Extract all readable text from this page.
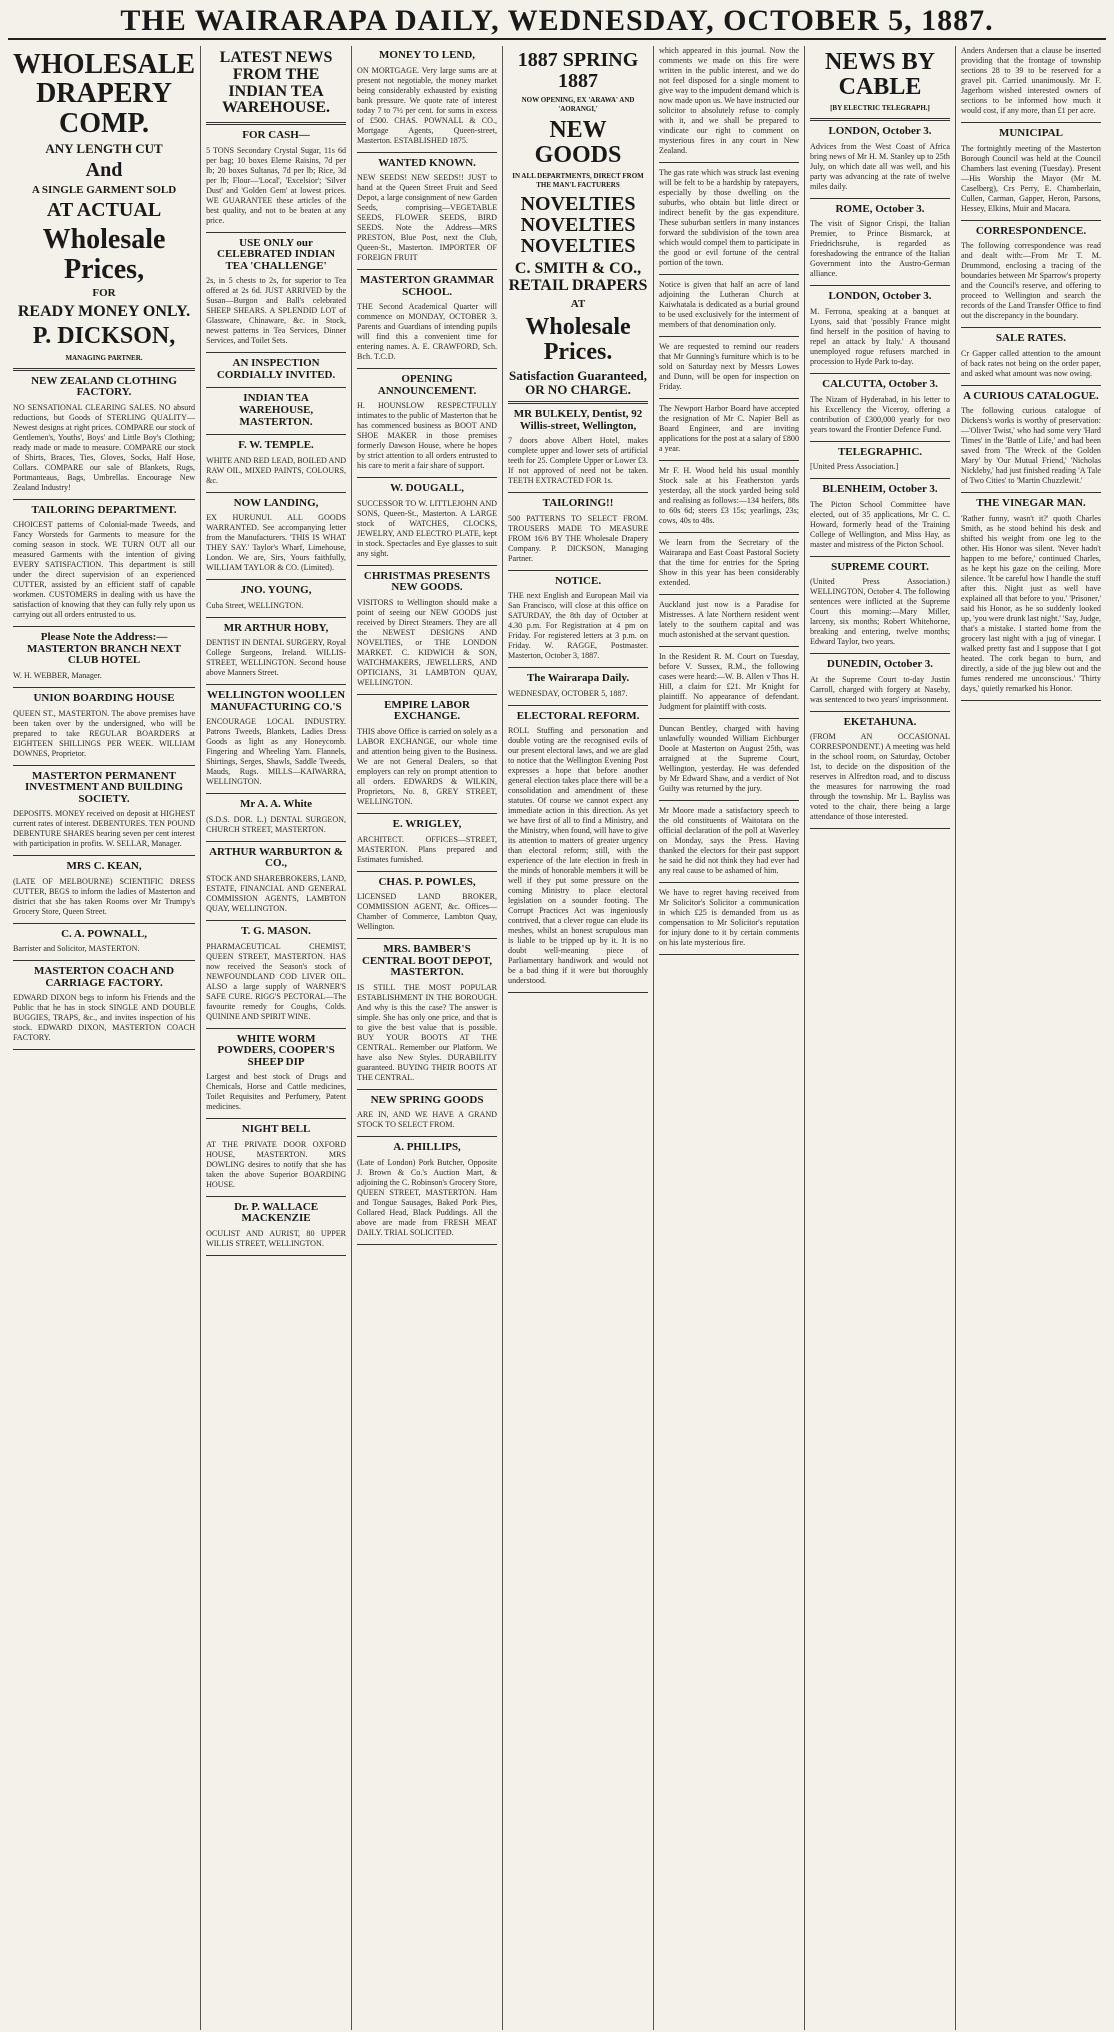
THE WAIRARAPA DAILY, WEDNESDAY, OCTOBER 5, 1887.
WHOLESALE DRAPERY COMP.
ANY LENGTH CUT
And
A SINGLE GARMENT SOLD
AT ACTUAL
Wholesale Prices,
FOR
READY MONEY ONLY.
P. DICKSON,
MANAGING PARTNER.
NEW ZEALAND CLOTHING FACTORY.
NO SENSATIONAL CLEARING SALES. NO absurd reductions, but Goods of STERLING QUALITY—Newest designs at right prices. COMPARE our stock of Gentlemen's, Youths', Boys' and Little Boy's Clothing; ready made or made to measure. COMPARE our stock of Shirts, Braces, Ties, Gloves, Socks, Half Hose, Collars. COMPARE our sale of Blankets, Rugs, Portmanteaus, Bags, Umbrellas. Encourage New Zealand Industry!
TAILORING DEPARTMENT.
CHOICEST patterns of Colonial-made Tweeds, and Fancy Worsteds for Garments to measure for the coming season in stock. WE TURN OUT all our measured Garments with the intention of giving EVERY SATISFACTION. This department is still under the direct supervision of an experienced CUTTER, assisted by an efficient staff of capable workmen. CUSTOMERS in dealing with us have the satisfaction of knowing that they can fully rely upon us carrying out all orders entrusted to us.
Please Note the Address:— MASTERTON BRANCH NEXT CLUB HOTEL
W. H. WEBBER, Manager.
UNION BOARDING HOUSE
QUEEN ST., MASTERTON. The above premises have been taken over by the undersigned, who will be prepared to take REGULAR BOARDERS at EIGHTEEN SHILLINGS PER WEEK. WILLIAM DOWNES, Proprietor.
MASTERTON PERMANENT INVESTMENT AND BUILDING SOCIETY.
DEPOSITS. MONEY received on deposit at HIGHEST current rates of interest. DEBENTURES. TEN POUND DEBENTURE SHARES bearing seven per cent interest with participation in profits. W. SELLAR, Manager.
MRS C. KEAN,
(LATE OF MELBOURNE) SCIENTIFIC DRESS CUTTER, BEGS to inform the ladies of Masterton and district that she has taken Rooms over Mr Trumpy's Grocery Store, Queen Street.
C. A. POWNALL,
Barrister and Solicitor, MASTERTON.
MASTERTON COACH AND CARRIAGE FACTORY.
EDWARD DIXON begs to inform his Friends and the Public that he has in stock SINGLE AND DOUBLE BUGGIES, TRAPS, &c., and invites inspection of his stock. EDWARD DIXON, MASTERTON COACH FACTORY.
LATEST NEWS FROM THE INDIAN TEA WAREHOUSE.
FOR CASH—
5 TONS Secondary Crystal Sugar, 11s 6d per bag; 10 boxes Eleme Raisins, 7d per lb; 20 boxes Sultanas, 7d per lb; Rice, 3d per lb; Flour—'Local', 'Excelsior'; 'Silver Dust' and 'Golden Gem' at lowest prices. WE GUARANTEE these articles of the best quality, and not to be beaten at any price.
USE ONLY our CELEBRATED INDIAN TEA 'CHALLENGE'
2s, in 5 chests to 2s, for superior to Tea offered at 2s 6d. JUST ARRIVED by the Susan—Burgon and Ball's celebrated SHEEP SHEARS. A SPLENDID LOT of Glassware, Chinaware, &c. in Stock, newest patterns in Tea Services, Dinner Services, and Toilet Sets.
AN INSPECTION CORDIALLY INVITED.
INDIAN TEA WAREHOUSE, MASTERTON.
F. W. TEMPLE.
WHITE AND RED LEAD, BOILED AND RAW OIL, MIXED PAINTS, COLOURS, &c.
NOW LANDING,
EX HURUNUI. ALL GOODS WARRANTED. See accompanying letter from the Manufacturers. 'THIS IS WHAT THEY SAY.' Taylor's Wharf, Limehouse, London. We are, Sirs, Yours faithfully, WILLIAM TAYLOR & CO. (Limited).
JNO. YOUNG,
Cuba Street, WELLINGTON.
MR ARTHUR HOBY,
DENTIST IN DENTAL SURGERY, Royal College Surgeons, Ireland. WILLIS-STREET, WELLINGTON. Second house above Manners Street.
WELLINGTON WOOLLEN MANUFACTURING CO.'S
ENCOURAGE LOCAL INDUSTRY. Patrons Tweeds, Blankets, Ladies Dress Goods as light as any Honeycomb. Fingering and Wheeling Yarn. Flannels, Shirtings, Serges, Shawls, Saddle Tweeds, Mauds, Rugs. MILLS—KAIWARRA, WELLINGTON.
Mr A. A. White
(S.D.S. DOR. L.) DENTAL SURGEON, CHURCH STREET, MASTERTON.
ARTHUR WARBURTON & CO.,
STOCK AND SHAREBROKERS, LAND, ESTATE, FINANCIAL AND GENERAL COMMISSION AGENTS, LAMBTON QUAY, WELLINGTON.
T. G. MASON.
PHARMACEUTICAL CHEMIST, QUEEN STREET, MASTERTON. HAS now received the Season's stock of NEWFOUNDLAND COD LIVER OIL. ALSO a large supply of WARNER'S SAFE CURE. RIGG'S PECTORAL—The favourite remedy for Coughs, Colds. QUININE AND SPIRIT WINE.
WHITE WORM POWDERS, COOPER'S SHEEP DIP
Largest and best stock of Drugs and Chemicals, Horse and Cattle medicines, Toilet Requisites and Perfumery, Patent medicines.
NIGHT BELL
AT THE PRIVATE DOOR OXFORD HOUSE, MASTERTON. MRS DOWLING desires to notify that she has taken the above Superior BOARDING HOUSE.
Dr. P. WALLACE MACKENZIE
OCULIST AND AURIST, 80 UPPER WILLIS STREET, WELLINGTON.
MONEY TO LEND,
ON MORTGAGE. Very large sums are at present not negotiable, the money market being considerably exhausted by existing bank pressure. We quote rate of interest today 7 to 7½ per cent. for sums in excess of £500. CHAS. POWNALL & CO., Mortgage Agents, Queen-street, Masterton. ESTABLISHED 1875.
WANTED KNOWN.
NEW SEEDS! NEW SEEDS!! JUST to hand at the Queen Street Fruit and Seed Depot, a large consignment of new Garden Seeds, comprising—VEGETABLE SEEDS, FLOWER SEEDS, BIRD SEEDS. Note the Address—MRS PRESTON, Blue Post, next the Club, Queen-St., Masterton. IMPORTER OF FOREIGN FRUIT
MASTERTON GRAMMAR SCHOOL.
THE Second Academical Quarter will commence on MONDAY, OCTOBER 3. Parents and Guardians of intending pupils will find this a convenient time for entering names. A. E. CRAWFORD, Sch. Bch. T.C.D.
OPENING ANNOUNCEMENT.
H. HOUNSLOW RESPECTFULLY intimates to the public of Masterton that he has commenced business as BOOT AND SHOE MAKER in those premises formerly Dawson House, where he hopes by strict attention to all orders entrusted to his care to merit a fair share of support.
W. DOUGALL,
SUCCESSOR TO W. LITTLEJOHN AND SONS, Queen-St., Masterton. A LARGE stock of WATCHES, CLOCKS, JEWELRY, AND ELECTRO PLATE, kept in stock. Spectacles and Eye glasses to suit any sight.
CHRISTMAS PRESENTS NEW GOODS.
VISITORS to Wellington should make a point of seeing our NEW GOODS just received by Direct Steamers. They are all the NEWEST DESIGNS AND NOVELTIES, or THE LONDON MARKET. C. KIDWICH & SON, WATCHMAKERS, JEWELLERS, AND OPTICIANS, 31 LAMBTON QUAY, WELLINGTON.
EMPIRE LABOR EXCHANGE.
THIS above Office is carried on solely as a LABOR EXCHANGE, our whole time and attention being given to the Business. We are not General Dealers, so that employers can rely on prompt attention to all orders. EDWARDS & WILKIN, Proprietors, No. 8, GREY STREET, WELLINGTON.
E. WRIGLEY,
ARCHITECT. OFFICES—STREET, MASTERTON. Plans prepared and Estimates furnished.
CHAS. P. POWLES,
LICENSED LAND BROKER, COMMISSION AGENT, &c. Offices—Chamber of Commerce, Lambton Quay, Wellington.
MRS. BAMBER'S CENTRAL BOOT DEPOT, MASTERTON.
IS STILL THE MOST POPULAR ESTABLISHMENT IN THE BOROUGH. And why is this the case? The answer is simple. She has only one price, and that is to give the best value that is possible. BUY YOUR BOOTS AT THE CENTRAL. Remember our Platform. We have also New Styles. DURABILITY guaranteed. BUYING THEIR BOOTS AT THE CENTRAL.
NEW SPRING GOODS
ARE IN, AND WE HAVE A GRAND STOCK TO SELECT FROM.
A. PHILLIPS,
(Late of London) Pork Butcher, Opposite J. Brown & Co.'s Auction Mart, & adjoining the C. Robinson's Grocery Store, QUEEN STREET, MASTERTON. Ham and Tongue Sausages, Baked Pork Pies, Collared Head, Black Puddings. All the above are made from FRESH MEAT DAILY. TRIAL SOLICITED.
1887 SPRING 1887
NOW OPENING, EX 'ARAWA' AND 'AORANGI,'
NEW GOODS
IN ALL DEPARTMENTS, DIRECT FROM THE MAN'L FACTURERS
NOVELTIES NOVELTIES NOVELTIES
C. SMITH & CO., RETAIL DRAPERS
AT
Wholesale Prices.
Satisfaction Guaranteed, OR NO CHARGE.
MR BULKELY, Dentist, 92 Willis-street, Wellington,
7 doors above Albert Hotel, makes complete upper and lower sets of artificial teeth for 25. Complete Upper or Lower £3. If not approved of need not be taken. TEETH EXTRACTED FOR 1s.
TAILORING!!
500 PATTERNS TO SELECT FROM. TROUSERS MADE TO MEASURE FROM 16/6 BY THE Wholesale Drapery Company. P. DICKSON, Managing Partner.
NOTICE.
THE next English and European Mail via San Francisco, will close at this office on SATURDAY, the 8th day of October at 4.30 p.m. For Registration at 4 pm on Friday. For registered letters at 3 p.m. on Friday. W. RAGGE, Postmaster. Masterton, October 3, 1887.
The Wairarapa Daily.
WEDNESDAY, OCTOBER 5, 1887.
ELECTORAL REFORM.
ROLL Stuffing and personation and double voting are the recognised evils of our present electoral laws, and we are glad to notice that the Wellington Evening Post expresses a hope that before another general election takes place there will be a consolidation and amendment of these statutes. Of course we cannot expect any immediate action in this direction. As yet we have first of all to find a Ministry, and the Ministry, when found, will have to give its attention to matters of greater urgency than electoral reform; still, with the experience of the late election in fresh in the minds of honorable members it will be well if they put some pressure on the coming Ministry to place electoral legislation on a sounder footing. The Corrupt Practices Act was ingeniously contrived, that a clever rogue can elude its meshes, whilst an honest scrupulous man is liable to be tripped up by it. It is no doubt well-meaning piece of Parliamentary handiwork and would not be a bad thing if it were but thoroughly understood.
which appeared in this journal. Now the comments we made on this fire were written in the public interest, and we do not feel disposed for a single moment to give way to the impudent demand which is now made upon us. We have instructed our solicitor to absolutely refuse to comply with it, and we shall be prepared to vindicate our right to comment on mysterious fires in any court in New Zealand.
The gas rate which was struck last evening will be felt to be a hardship by ratepayers, especially by those dwelling on the suburbs, who obtain but little direct or indirect benefit by the gas expenditure. These suburban settlers in many instances forward the subdivision of the town area which would compel them to participate in the good or evil fortune of the central portion of the town.
Notice is given that half an acre of land adjoining the Lutheran Church at Kaiwhatala is dedicated as a burial ground to be used exclusively for the interment of members of that denomination only.
We are requested to remind our readers that Mr Gunning's furniture which is to be sold on Saturday next by Messrs Lowes and Dunn, will be open for inspection on Friday.
The Newport Harbor Board have accepted the resignation of Mr C. Napier Bell as Board Engineer, and are inviting applications for the post at a salary of £800 a year.
Mr F. H. Wood held his usual monthly Stock sale at his Featherston yards yesterday, all the stock yarded being sold and realising as follows:—134 heifers, 88s to 60s 6d; steers £3 15s; yearlings, 23s; cows, 40s to 48s.
We learn from the Secretary of the Wairarapa and East Coast Pastoral Society that the time for entries for the Spring Show in this year has been considerably extended.
Auckland just now is a Paradise for Mistresses. A late Northern resident went lately to the southern capital and was much astonished at the servant question.
In the Resident R. M. Court on Tuesday, before V. Sussex, R.M., the following cases were heard:—W. B. Allen v Thos H. Hill, a claim for £21. Mr Knight for plaintiff. No appearance of defendant. Judgment for plaintiff with costs.
Duncan Bentley, charged with having unlawfully wounded William Eichburger Doole at Masterton on August 25th, was arraigned at the Supreme Court, Wellington, yesterday. He was defended by Mr Edward Shaw, and a verdict of Not Guilty was returned by the jury.
Mr Moore made a satisfactory speech to the old constituents of Waitotara on the official declaration of the poll at Waverley on Monday, says the Press. Having thanked the electors for their past support he said he did not think they had ever had any real cause to be ashamed of him.
We have to regret having received from Mr Solicitor's Solicitor a communication in which £25 is demanded from us as compensation to Mr Solicitor's reputation for injury done to it by certain comments on his late mysterious fire.
NEWS BY CABLE
[BY ELECTRIC TELEGRAPH.]
LONDON, October 3.
Advices from the West Coast of Africa bring news of Mr H. M. Stanley up to 25th July, on which date all was well, and his party was advancing at the rate of twelve miles daily.
ROME, October 3.
The visit of Signor Crispi, the Italian Premier, to Prince Bismarck, at Friedrichsruhe, is regarded as foreshadowing the entrance of the Italian Government into the Austro-German alliance.
LONDON, October 3.
M. Ferrona, speaking at a banquet at Lyons, said that 'possibly France might find herself in the position of having to repel an attack by Italy.' A thousand unemployed rogue refusers marched in procession to Hyde Park to-day.
CALCUTTA, October 3.
The Nizam of Hyderabad, in his letter to his Excellency the Viceroy, offering a contribution of £300,000 yearly for two years toward the Frontier Defence Fund.
TELEGRAPHIC.
[United Press Association.]
BLENHEIM, October 3.
The Picton School Committee have elected, out of 35 applications, Mr C. C. Howard, formerly head of the Training College of Wellington, and Miss Hay, as master and mistress of the Picton School.
SUPREME COURT.
(United Press Association.) WELLINGTON, October 4. The following sentences were inflicted at the Supreme Court this morning:—Mary Miller, larceny, six months; Robert Whitehorne, breaking and entering, twelve months; Edward Taylor, two years.
DUNEDIN, October 3.
At the Supreme Court to-day Justin Carroll, charged with forgery at Naseby, was sentenced to two years' imprisonment.
EKETAHUNA.
(FROM AN OCCASIONAL CORRESPONDENT.) A meeting was held in the school room, on Saturday, October 1st, to decide on the disposition of the reserves in Alfredton road, and to discuss the measures for narrowing the road through the township. Mr L. Bayliss was voted to the chair, there being a large attendance of those interested.
Anders Andersen that a clause be inserted providing that the frontage of township sections 28 to 39 to be reserved for a gravel pit. Carried unanimously. Mr F. Jagerhorn wished interested owners of sections to be informed how much it would cost, if any more, than £1 per acre.
MUNICIPAL
The fortnightly meeting of the Masterton Borough Council was held at the Council Chambers last evening (Tuesday). Present—His Worship the Mayor (Mr M. Caselberg), Crs Perry, E. Chamberlain, Cullen, Carman, Gapper, Heron, Parsons, Hessey, Elkins, Muir and Macara.
CORRESPONDENCE.
The following correspondence was read and dealt with:—From Mr T. M. Drummond, enclosing a tracing of the boundaries between Mr Sparrow's property and the Council's reserve, and offering to proceed to Wellington and search the records of the Land Transfer Office to find out the discrepancy in the boundary.
SALE RATES.
Cr Gapper called attention to the amount of back rates not being on the order paper, and asked what amount was now owing.
A CURIOUS CATALOGUE.
The following curious catalogue of Dickens's works is worthy of preservation:—'Oliver Twist,' who had some very 'Hard Times' in the 'Battle of Life,' and had been saved from 'The Wreck of the Golden Mary' by 'Our Mutual Friend,' 'Nicholas Nickleby,' had just finished reading 'A Tale of Two Cities' to 'Martin Chuzzlewit.'
THE VINEGAR MAN.
'Rather funny, wasn't it?' quoth Charles Smith, as he stood behind his desk and shifted his weight from one leg to the other. His Honor was silent. 'Never hadn't happen to me before,' continued Charles, as he kept his gaze on the ceiling. More silence. 'It be careful how I handle the stuff after this. Night just as well have explained all that before to you.' 'Prisoner,' said his Honor, as he so suddenly looked up, 'you were drunk last night.' 'Say, Judge, that's a mistake. I started home from the grocery last night with a jug of vinegar. I walked pretty fast and I suppose that I got heated. The cork began to burn, and directly, a side of the jug blew out and the fumes rendered me unconscious.' 'Thirty days,' quietly remarked his Honor.
